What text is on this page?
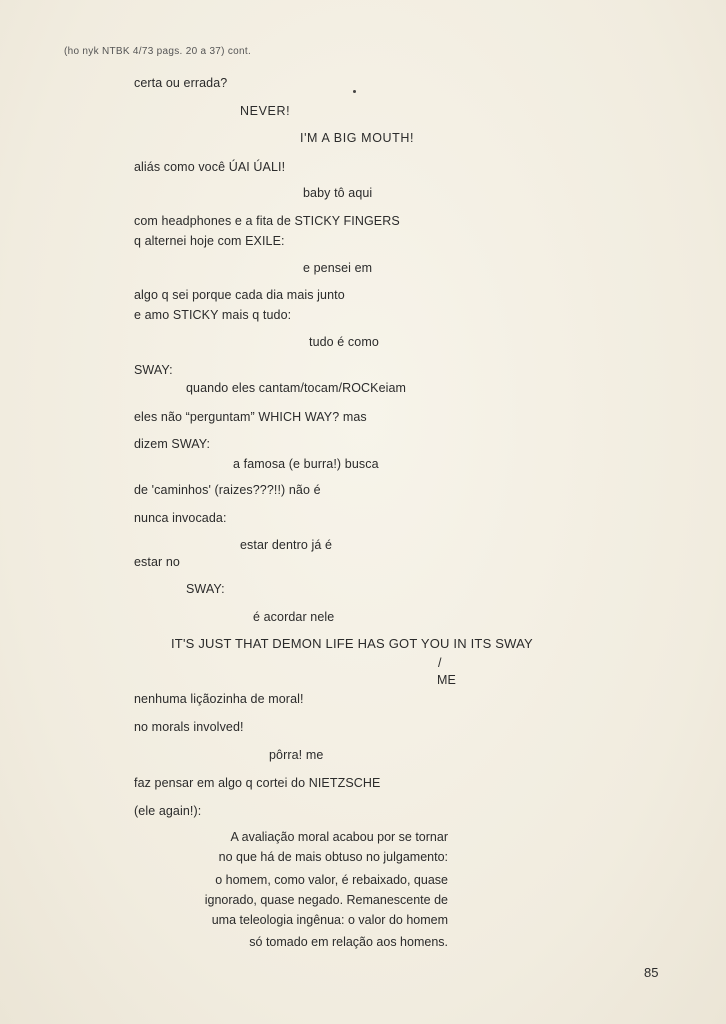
(ho nyk NTBK 4/73 pags. 20 a 37) cont.
certa ou errada?
NEVER!
I'M A BIG MOUTH!
aliás como você ÚAI ÚALI!
baby tô aqui
com headphones e a fita de STICKY FINGERS
q alternei hoje com EXILE:
e pensei em
algo q sei porque cada dia mais junto
e amo STICKY mais q tudo:
tudo é como
SWAY:
quando eles cantam/tocam/ROCKeiam
eles não “perguntam” WHICH WAY? mas
dizem SWAY:
a famosa (e burra!) busca
de 'caminhos' (raizes???!!) não é
nunca invocada:
estar dentro já é
estar no
SWAY:
é acordar nele
IT'S JUST THAT DEMON LIFE HAS GOT YOU IN ITS SWAY
/
ME
nenhuma liçãozinha de moral!
no morals involved!
pôrra! me
faz pensar em algo q cortei do NIETZSCHE
(ele again!):
A avaliação moral acabou por se tornar
no que há de mais obtuso no julgamento:
o homem, como valor, é rebaixado, quase
ignorado, quase negado. Remanescente de
uma teleologia ingênua: o valor do homem
só tomado em relação aos homens.
85
